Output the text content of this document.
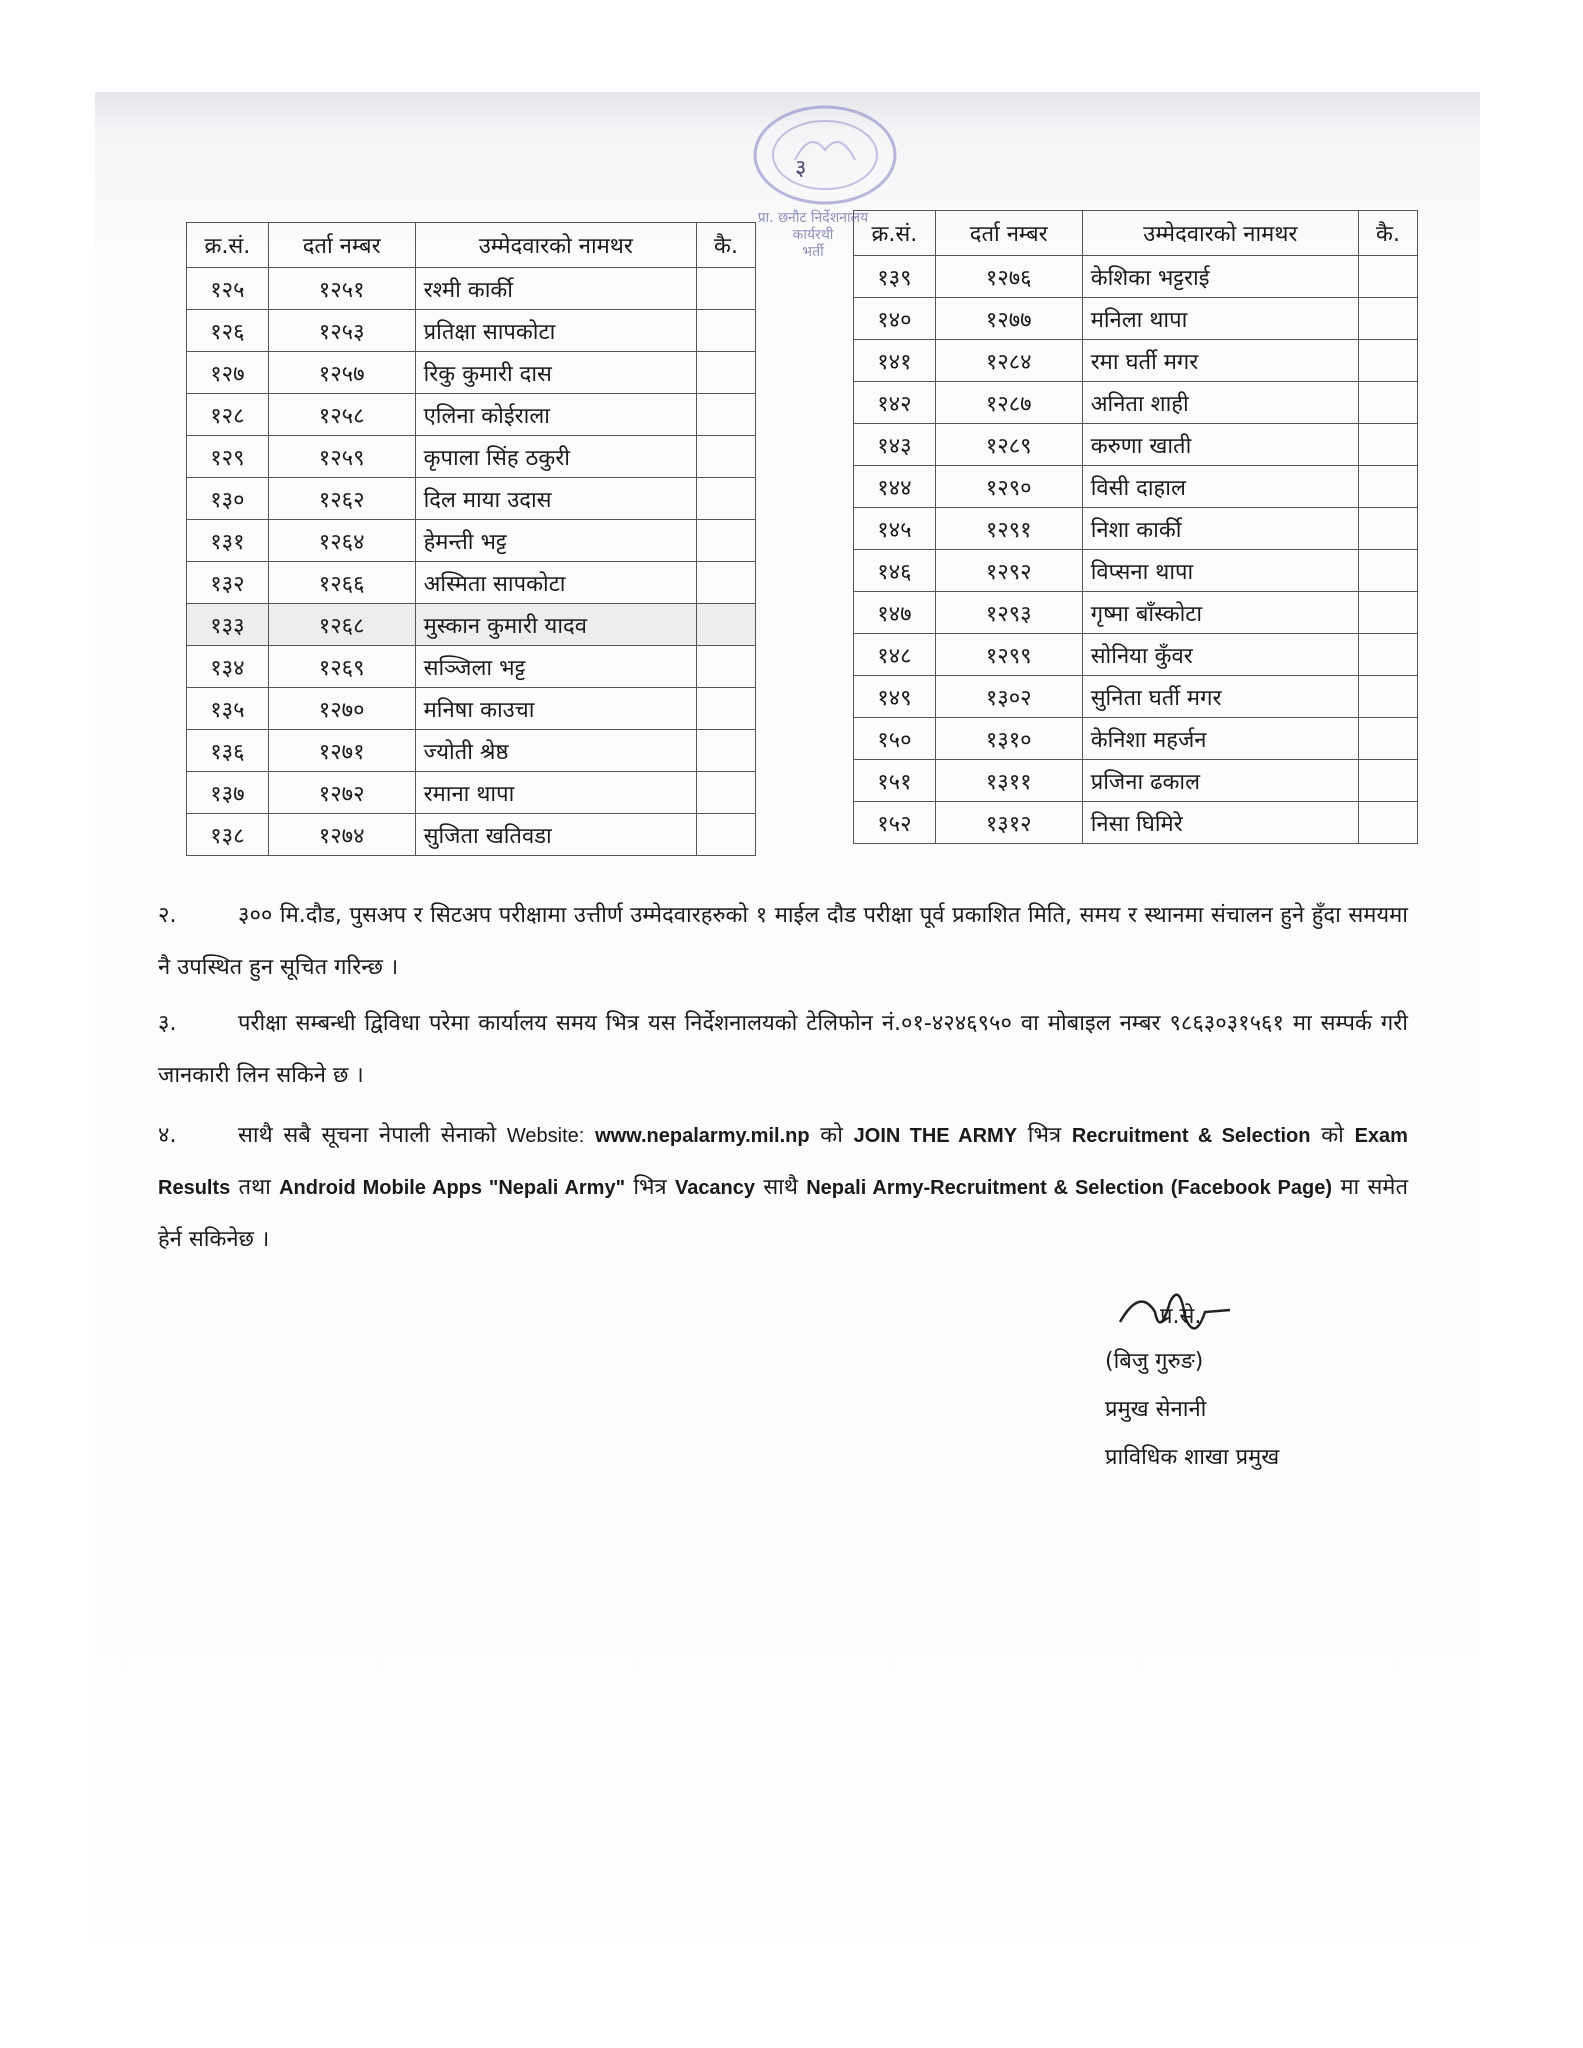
३
प्रा. छनौट निर्देशनालय
कार्यरथी
भर्ती
क्र.सं.	दर्ता नम्बर	उम्मेदवारको नामथर	कै.
१२५	१२५१	रश्मी कार्की	
१२६	१२५३	प्रतिक्षा सापकोटा	
१२७	१२५७	रिकु कुमारी दास	
१२८	१२५८	एलिना कोईराला	
१२९	१२५९	कृपाला सिंह ठकुरी	
१३०	१२६२	दिल माया उदास	
१३१	१२६४	हेमन्ती भट्ट	
१३२	१२६६	अस्मिता सापकोटा	
१३३	१२६८	मुस्कान कुमारी यादव	
१३४	१२६९	सञ्जिला भट्ट	
१३५	१२७०	मनिषा काउचा	
१३६	१२७१	ज्योती श्रेष्ठ	
१३७	१२७२	रमाना थापा	
१३८	१२७४	सुजिता खतिवडा	
क्र.सं.	दर्ता नम्बर	उम्मेदवारको नामथर	कै.
१३९	१२७६	केशिका भट्टराई	
१४०	१२७७	मनिला थापा	
१४१	१२८४	रमा घर्ती मगर	
१४२	१२८७	अनिता शाही	
१४३	१२८९	करुणा खाती	
१४४	१२९०	विसी दाहाल	
१४५	१२९१	निशा कार्की	
१४६	१२९२	विप्सना थापा	
१४७	१२९३	गृष्मा बाँस्कोटा	
१४८	१२९९	सोनिया कुँवर	
१४९	१३०२	सुनिता घर्ती मगर	
१५०	१३१०	केनिशा महर्जन	
१५१	१३११	प्रजिना ढकाल	
१५२	१३१२	निसा घिमिरे	
२.	३०० मि.दौड, पुसअप र सिटअप परीक्षामा उत्तीर्ण उम्मेदवारहरुको १ माईल दौड परीक्षा पूर्व प्रकाशित मिति, समय र स्थानमा संचालन हुने हुँदा समयमा नै उपस्थित हुन सूचित गरिन्छ ।
३.	परीक्षा सम्बन्धी द्विविधा परेमा कार्यालय समय भित्र यस निर्देशनालयको टेलिफोन नं.०१-४२४६९५० वा मोबाइल नम्बर ९८६३०३१५६१ मा सम्पर्क गरी जानकारी लिन सकिने छ ।
४.	साथै सबै सूचना नेपाली सेनाको Website: www.nepalarmy.mil.np को JOIN THE ARMY भित्र Recruitment & Selection को Exam Results तथा Android Mobile Apps "Nepali Army" भित्र Vacancy साथै Nepali Army-Recruitment & Selection (Facebook Page) मा समेत हेर्न सकिनेछ ।
प्र.से.
(बिजु गुरुङ)
प्रमुख सेनानी
प्राविधिक शाखा प्रमुख
